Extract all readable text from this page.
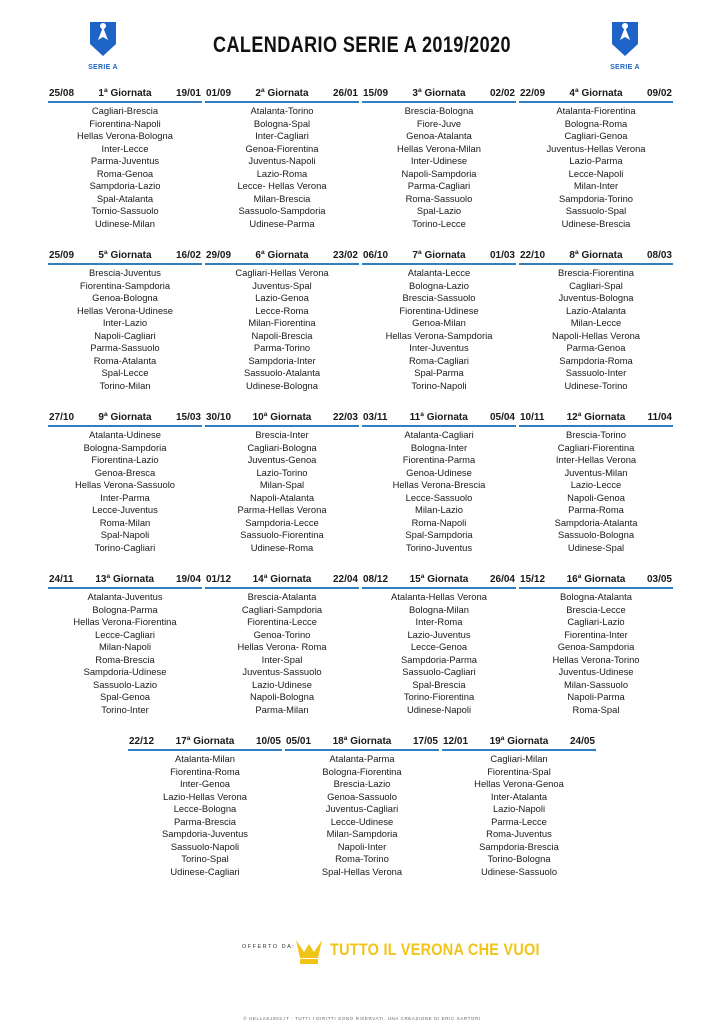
SERIE A	SERIE A
CALENDARIO SERIE A 2019/2020
25/08	1ª Giornata	19/01
Cagliari-Brescia
Fiorentina-Napoli
Hellas Verona-Bologna
Inter-Lecce
Parma-Juventus
Roma-Genoa
Sampdoria-Lazio
Spal-Atalanta
Tornio-Sassuolo
Udinese-Milan
01/09	2ª Giornata	26/01
Atalanta-Torino
Bologna-Spal
Inter-Cagliari
Genoa-Fiorentina
Juventus-Napoli
Lazio-Roma
Lecce- Hellas Verona
Milan-Brescia
Sassuolo-Sampdoria
Udinese-Parma
15/09	3ª Giornata	02/02
Brescia-Bologna
Fiore-Juve
Genoa-Atalanta
Hellas Verona-Milan
Inter-Udinese
Napoli-Sampdoria
Parma-Cagliari
Roma-Sassuolo
Spal-Lazio
Torino-Lecce
22/09	4ª Giornata	09/02
Atalanta-Fiorentina
Bologna-Roma
Cagliari-Genoa
Juventus-Hellas Verona
Lazio-Parma
Lecce-Napoli
Milan-Inter
Sampdoria-Torino
Sassuolo-Spal
Udinese-Brescia
25/09	5ª Giornata	16/02
Brescia-Juventus
Fiorentina-Sampdoria
Genoa-Bologna
Hellas Verona-Udinese
Inter-Lazio
Napoli-Cagliari
Parma-Sassuolo
Roma-Atalanta
Spal-Lecce
Torino-Milan
29/09	6ª Giornata	23/02
Cagliari-Hellas Verona
Juventus-Spal
Lazio-Genoa
Lecce-Roma
Milan-Fiorentina
Napoli-Brescia
Parma-Torino
Sampdoria-Inter
Sassuolo-Atalanta
Udinese-Bologna
06/10	7ª Giornata	01/03
Atalanta-Lecce
Bologna-Lazio
Brescia-Sassuolo
Fiorentina-Udinese
Genoa-Milan
Hellas Verona-Sampdoria
Inter-Juventus
Roma-Cagliari
Spal-Parma
Torino-Napoli
22/10	8ª Giornata	08/03
Brescia-Fiorentina
Cagliari-Spal
Juventus-Bologna
Lazio-Atalanta
Milan-Lecce
Napoli-Hellas Verona
Parma-Genoa
Sampdoria-Roma
Sassuolo-Inter
Udinese-Torino
27/10	9ª Giornata	15/03
Atalanta-Udinese
Bologna-Sampdoria
Fiorentina-Lazio
Genoa-Bresca
Hellas Verona-Sassuolo
Inter-Parma
Lecce-Juventus
Roma-Milan
Spal-Napoli
Torino-Cagliari
30/10	10ª Giornata	22/03
Brescia-Inter
Cagliari-Bologna
Juventus-Genoa
Lazio-Torino
Milan-Spal
Napoli-Atalanta
Parma-Hellas Verona
Sampdoria-Lecce
Sassuolo-Fiorentina
Udinese-Roma
03/11	11ª Giornata	05/04
Atalanta-Cagliari
Bologna-Inter
Fiorentina-Parma
Genoa-Udinese
Hellas Verona-Brescia
Lecce-Sassuolo
Milan-Lazio
Roma-Napoli
Spal-Sampdoria
Torino-Juventus
10/11	12ª Giornata	11/04
Brescia-Torino
Cagliari-Fiorentina
Inter-Hellas Verona
Juventus-Milan
Lazio-Lecce
Napoli-Genoa
Parma-Roma
Sampdoria-Atalanta
Sassuolo-Bologna
Udinese-Spal
24/11	13ª Giornata	19/04
Atalanta-Juventus
Bologna-Parma
Hellas Verona-Fiorentina
Lecce-Cagliari
Milan-Napoli
Roma-Brescia
Sampdoria-Udinese
Sassuolo-Lazio
Spal-Genoa
Torino-Inter
01/12	14ª Giornata	22/04
Brescia-Atalanta
Cagliari-Sampdoria
Fiorentina-Lecce
Genoa-Torino
Hellas Verona- Roma
Inter-Spal
Juventus-Sassuolo
Lazio-Udinese
Napoli-Bologna
Parma-Milan
08/12	15ª Giornata	26/04
Atalanta-Hellas Verona
Bologna-Milan
Inter-Roma
Lazio-Juventus
Lecce-Genoa
Sampdoria-Parma
Sassuolo-Cagliari
Spal-Brescia
Torino-Fiorentina
Udinese-Napoli
15/12	16ª Giornata	03/05
Bologna-Atalanta
Brescia-Lecce
Cagliari-Lazio
Fiorentina-Inter
Genoa-Sampdoria
Hellas Verona-Torino
Juventus-Udinese
Milan-Sassuolo
Napoli-Parma
Roma-Spal
22/12	17ª Giornata	10/05
Atalanta-Milan
Fiorentina-Roma
Inter-Genoa
Lazio-Hellas Verona
Lecce-Bologna
Parma-Brescia
Sampdoria-Juventus
Sassuolo-Napoli
Torino-Spal
Udinese-Cagliari
05/01	18ª Giornata	17/05
Atalanta-Parma
Bologna-Fiorentina
Brescia-Lazio
Genoa-Sassuolo
Juventus-Cagliari
Lecce-Udinese
Milan-Sampdoria
Napoli-Inter
Roma-Torino
Spal-Hellas Verona
12/01	19ª Giornata	24/05
Cagliari-Milan
Fiorentina-Spal
Hellas Verona-Genoa
Inter-Atalanta
Lazio-Napoli
Parma-Lecce
Roma-Juventus
Sampdoria-Brescia
Torino-Bologna
Udinese-Sassuolo
OFFERTO DA: TUTTO IL VERONA CHE VUOI
© HELLAS1903.IT · TUTTI I DIRITTI SONO RISERVATI. UNA CREAZIONE DI ERIC SARTORI
